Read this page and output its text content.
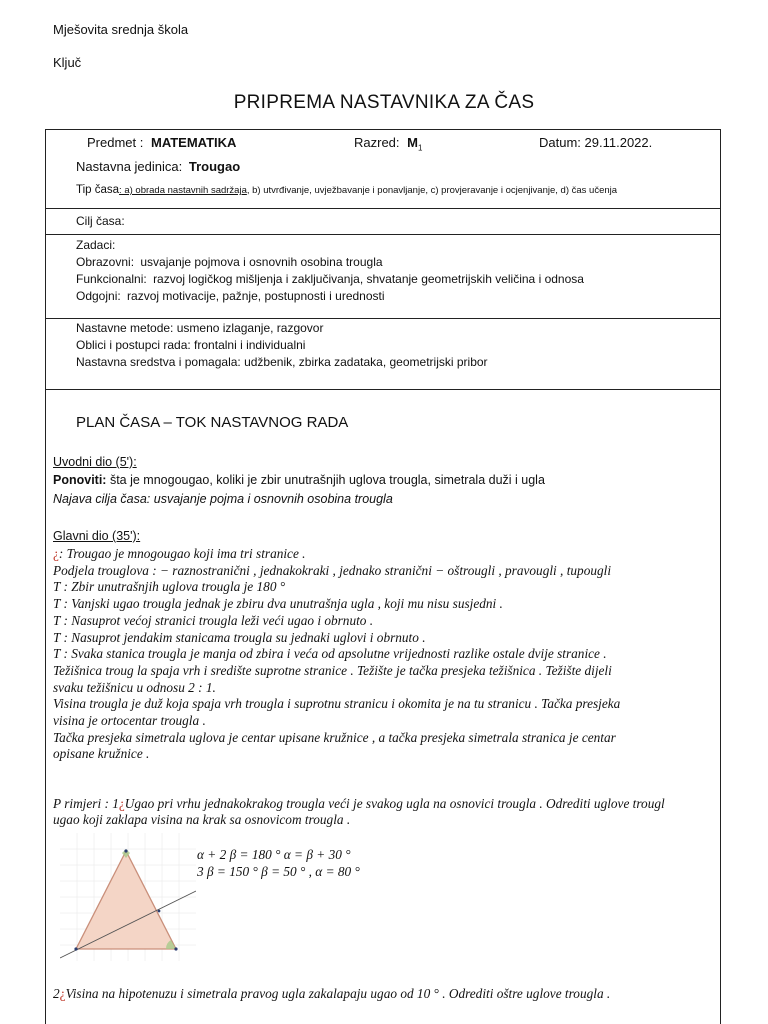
Mješovita srednja škola
Ključ
PRIPREMA NASTAVNIKA ZA ČAS
Predmet : MATEMATIKA	Razred: $M_1$	Datum: 29.11.2022.
Nastavna jedinica: Trougao
Tip časa: a) obrada nastavnih sadržaja, b) utvrđivanje, uvježbavanje i ponavljanje, c) provjeravanje i ocjenjivanje, d) čas učenja
Cilj časa:
Zadaci:
Obrazovni: usvajanje pojmova i osnovnih osobina trougla
Funkcionalni: razvoj logičkog mišljenja i zaključivanja, shvatanje geometrijskih veličina i odnosa
Odgojni: razvoj motivacije, pažnje, postupnosti i urednosti
Nastavne metode: usmeno izlaganje, razgovor
Oblici i postupci rada: frontalni i individualni
Nastavna sredstva i pomagala: udžbenik, zbirka zadataka, geometrijski pribor
PLAN ČASA – TOK NASTAVNOG RADA
Uvodni dio (5'):
Ponoviti: šta je mnogougao, koliki je zbir unutrašnjih uglova trougla, simetrala duži i ugla
Najava cilja časa: usvajanje pojma i osnovnih osobina trougla
Glavni dio (35'):
¿: Trougao je mnogougao koji ima tri stranice .
Podjela trouglova : − raznostranični , jednakokraki , jednako stranični − oštrougli , pravougli , tupougli
T : Zbir unutrašnjih uglova trougla je 180 °
T : Vanjski ugao trougla jednak je zbiru dva unutrašnja ugla , koji mu nisu susjedni .
T : Nasuprot većoj stranici trougla leži veći ugao i obrnuto .
T : Nasuprot jendakim stanicama trougla su jednaki uglovi i obrnuto .
T : Svaka stanica trougla je manja od zbira i veća od apsolutne vrijednosti razlike ostale dvije stranice .
Težišnica troug la spaja vrh i središte suprotne stranice . Težište je tačka presjeka težišnica . Težište dijeli
svaku težišnicu u odnosu 2 : 1.
Visina trougla je duž koja spaja vrh trougla i suprotnu stranicu i okomita je na tu stranicu . Tačka presjeka
visina je ortocentar trougla .
Tačka presjeka simetrala uglova je centar upisane kružnice , a tačka presjeka simetrala stranica je centar
opisane kružnice .
P rimjeri : 1¿Ugao pri vrhu jednakokrakog trougla veći je svakog ugla na osnovici trougla . Odrediti uglove trougl
ugao koji zaklapa visina na krak sa osnovicom trougla .
α + 2 β = 180 ° α = β + 30 °
3 β = 150 ° β = 50 ° , α = 80 °
2¿Visina na hipotenuzu i simetrala pravog ugla zakalapaju ugao od 10 ° . Odrediti oštre uglove trougla .
